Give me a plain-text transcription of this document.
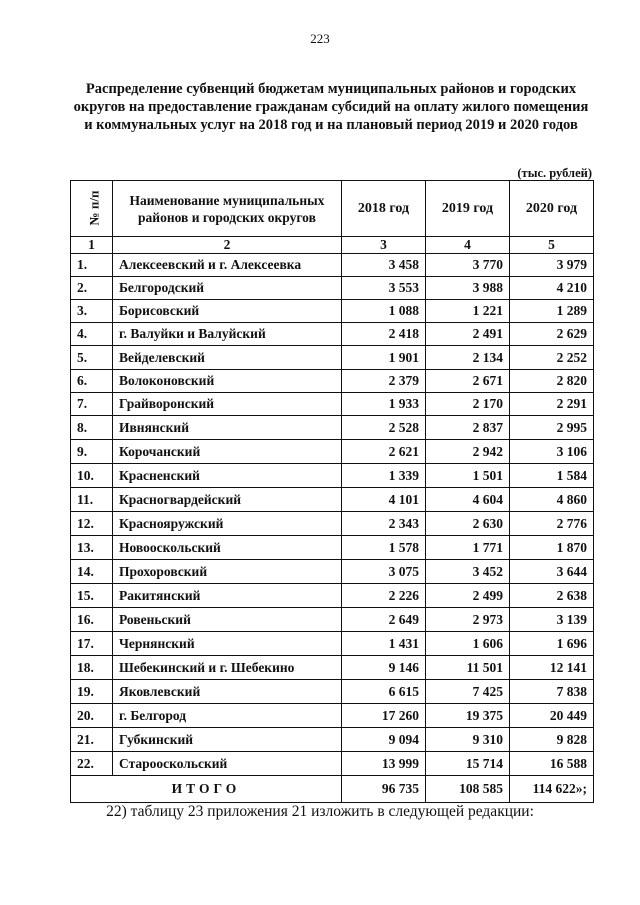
223
Распределение субвенций бюджетам муниципальных районов и городских округов на предоставление гражданам субсидий на оплату жилого помещения и коммунальных услуг на 2018 год и на плановый период 2019 и 2020 годов
(тыс. рублей)
№ п/п	Наименование муниципальных районов и городских округов	2018 год	2019 год	2020 год
1	2	3	4	5
1.	Алексеевский и г. Алексеевка	3 458	3 770	3 979
2.	Белгородский	3 553	3 988	4 210
3.	Борисовский	1 088	1 221	1 289
4.	г. Валуйки и Валуйский	2 418	2 491	2 629
5.	Вейделевский	1 901	2 134	2 252
6.	Волоконовский	2 379	2 671	2 820
7.	Грайворонский	1 933	2 170	2 291
8.	Ивнянский	2 528	2 837	2 995
9.	Корочанский	2 621	2 942	3 106
10.	Красненский	1 339	1 501	1 584
11.	Красногвардейский	4 101	4 604	4 860
12.	Краснояружский	2 343	2 630	2 776
13.	Новооскольский	1 578	1 771	1 870
14.	Прохоровский	3 075	3 452	3 644
15.	Ракитянский	2 226	2 499	2 638
16.	Ровеньский	2 649	2 973	3 139
17.	Чернянский	1 431	1 606	1 696
18.	Шебекинский и г. Шебекино	9 146	11 501	12 141
19.	Яковлевский	6 615	7 425	7 838
20.	г. Белгород	17 260	19 375	20 449
21.	Губкинский	9 094	9 310	9 828
22.	Старооскольский	13 999	15 714	16 588
ИТОГО		96 735	108 585	114 622»;
22) таблицу 23 приложения 21 изложить в следующей редакции:
